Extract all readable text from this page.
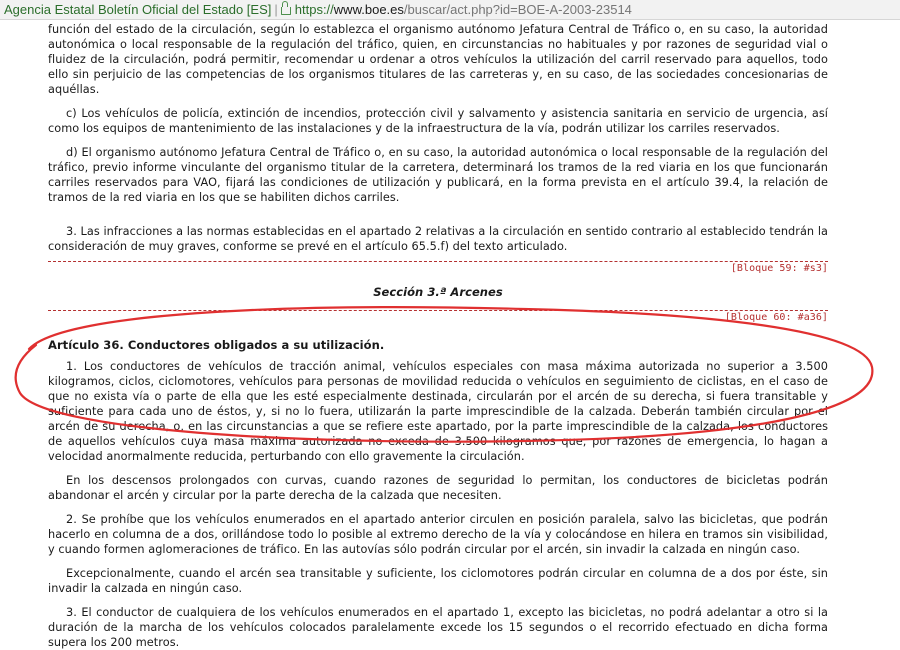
Agencia Estatal Boletín Oficial del Estado [ES] | https://www.boe.es/buscar/act.php?id=BOE-A-2003-23514

función del estado de la circulación, según lo establezca el organismo autónomo Jefatura Central de Tráfico o, en su caso, la autoridad autonómica o local responsable de la regulación del tráfico, quien, en circunstancias no habituales y por razones de seguridad vial o fluidez de la circulación, podrá permitir, recomendar u ordenar a otros vehículos la utilización del carril reservado para aquellos, todo ello sin perjuicio de las competencias de los organismos titulares de las carreteras y, en su caso, de las sociedades concesionarias de aquéllas.

c) Los vehículos de policía, extinción de incendios, protección civil y salvamento y asistencia sanitaria en servicio de urgencia, así como los equipos de mantenimiento de las instalaciones y de la infraestructura de la vía, podrán utilizar los carriles reservados.

d) El organismo autónomo Jefatura Central de Tráfico o, en su caso, la autoridad autonómica o local responsable de la regulación del tráfico, previo informe vinculante del organismo titular de la carretera, determinará los tramos de la red viaria en los que funcionarán carriles reservados para VAO, fijará las condiciones de utilización y publicará, en la forma prevista en el artículo 39.4, la relación de tramos de la red viaria en los que se habiliten dichos carriles.

3. Las infracciones a las normas establecidas en el apartado 2 relativas a la circulación en sentido contrario al establecido tendrán la consideración de muy graves, conforme se prevé en el artículo 65.5.f) del texto articulado.

[Bloque 59: #s3]
Sección 3.ª Arcenes
[Bloque 60: #a36]
Artículo 36. Conductores obligados a su utilización.

1. Los conductores de vehículos de tracción animal, vehículos especiales con masa máxima autorizada no superior a 3.500 kilogramos, ciclos, ciclomotores, vehículos para personas de movilidad reducida o vehículos en seguimiento de ciclistas, en el caso de que no exista vía o parte de ella que les esté especialmente destinada, circularán por el arcén de su derecha, si fuera transitable y suficiente para cada uno de éstos, y, si no lo fuera, utilizarán la parte imprescindible de la calzada. Deberán también circular por el arcén de su derecha, o, en las circunstancias a que se refiere este apartado, por la parte imprescindible de la calzada, los conductores de aquellos vehículos cuya masa máxima autorizada no exceda de 3.500 kilogramos que, por razones de emergencia, lo hagan a velocidad anormalmente reducida, perturbando con ello gravemente la circulación.

En los descensos prolongados con curvas, cuando razones de seguridad lo permitan, los conductores de bicicletas podrán abandonar el arcén y circular por la parte derecha de la calzada que necesiten.

2. Se prohíbe que los vehículos enumerados en el apartado anterior circulen en posición paralela, salvo las bicicletas, que podrán hacerlo en columna de a dos, orillándose todo lo posible al extremo derecho de la vía y colocándose en hilera en tramos sin visibilidad, y cuando formen aglomeraciones de tráfico. En las autovías sólo podrán circular por el arcén, sin invadir la calzada en ningún caso.

Excepcionalmente, cuando el arcén sea transitable y suficiente, los ciclomotores podrán circular en columna de a dos por éste, sin invadir la calzada en ningún caso.

3. El conductor de cualquiera de los vehículos enumerados en el apartado 1, excepto las bicicletas, no podrá adelantar a otro si la duración de la marcha de los vehículos colocados paralelamente excede los 15 segundos o el recorrido efectuado en dicha forma supera los 200 metros.
